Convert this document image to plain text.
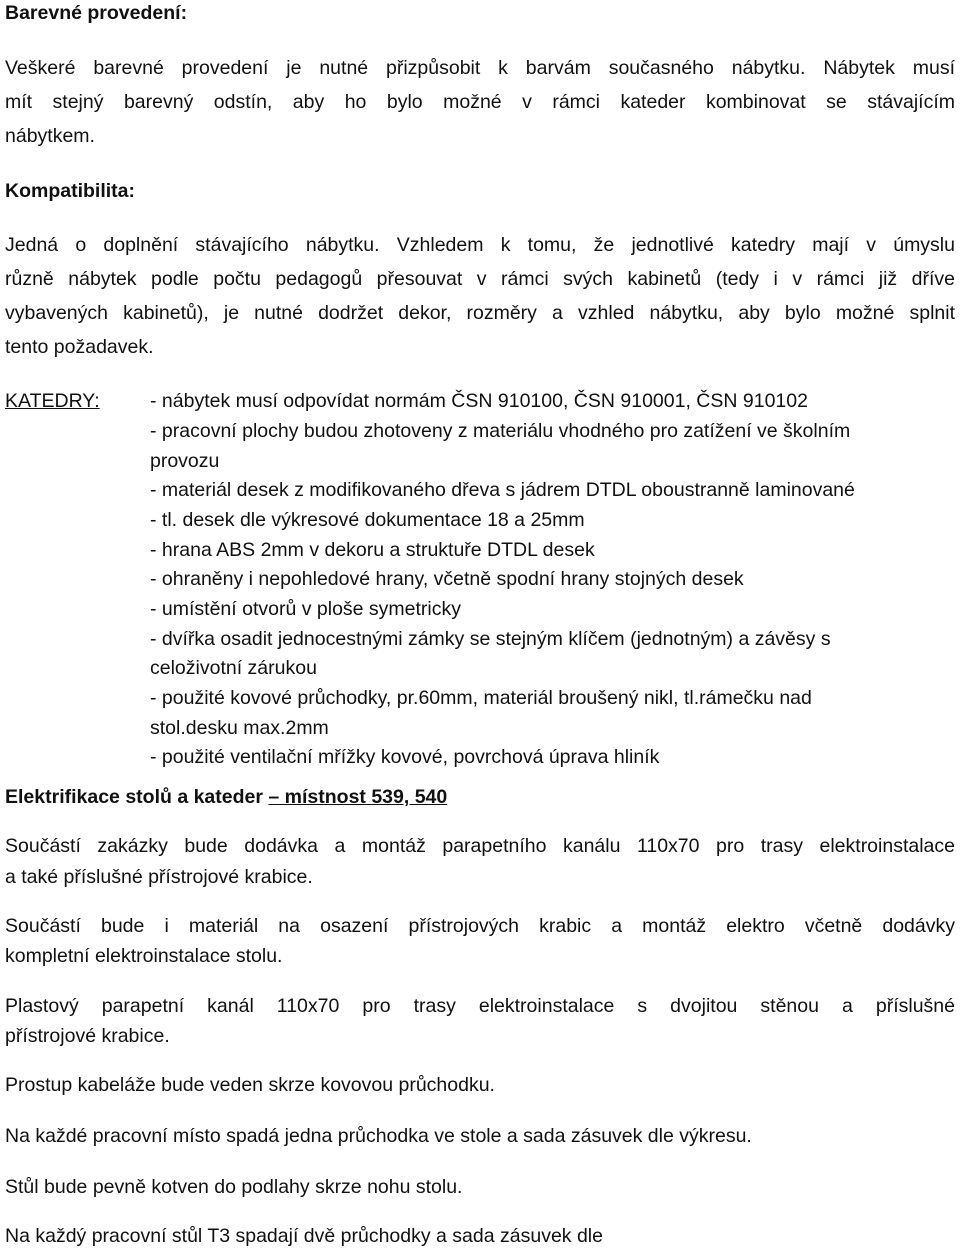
Barevné provedení:
Veškeré barevné provedení je nutné přizpůsobit k barvám současného nábytku. Nábytek musí
mít stejný barevný odstín, aby ho bylo možné v rámci kateder kombinovat se stávajícím
nábytkem.
Kompatibilita:
Jedná o doplnění stávajícího nábytku. Vzhledem k tomu, že jednotlivé katedry mají v úmyslu
různě nábytek podle počtu pedagogů přesouvat v rámci svých kabinetů (tedy i v rámci již dříve
vybavených kabinetů), je nutné dodržet dekor, rozměry a vzhled nábytku, aby bylo možné splnit
tento požadavek.
KATEDRY:	- nábytek musí odpovídat normám ČSN 910100, ČSN 910001, ČSN 910102
- pracovní plochy budou zhotoveny z materiálu vhodného pro zatížení ve školním
provozu
- materiál desek z modifikovaného dřeva s jádrem DTDL oboustranně laminované
- tl. desek dle výkresové dokumentace 18 a 25mm
- hrana ABS 2mm v dekoru a struktuře DTDL desek
- ohraněny i nepohledové hrany, včetně spodní hrany stojných desek
- umístění otvorů v ploše symetricky
- dvířka osadit jednocestnými zámky se stejným klíčem (jednotným) a závěsy s
celoživotní zárukou
- použité kovové průchodky, pr.60mm, materiál broušený nikl, tl.rámečku nad
stol.desku max.2mm
- použité ventilační mřížky kovové, povrchová úprava hliník
Elektrifikace stolů a kateder – místnost 539, 540
Součástí zakázky bude dodávka a montáž parapetního kanálu 110x70 pro trasy elektroinstalace
a také příslušné přístrojové krabice.
Součástí bude i materiál na osazení přístrojových krabic a montáž elektro včetně dodávky
kompletní elektroinstalace stolu.
Plastový parapetní kanál 110x70 pro trasy elektroinstalace s dvojitou stěnou a příslušné
přístrojové krabice.
Prostup kabeláže bude veden skrze kovovou průchodku.
Na každé pracovní místo spadá jedna průchodka ve stole a sada zásuvek dle výkresu.
Stůl bude pevně kotven do podlahy skrze nohu stolu.
Na každý pracovní stůl T3 spadají dvě průchodky a sada zásuvek dle
